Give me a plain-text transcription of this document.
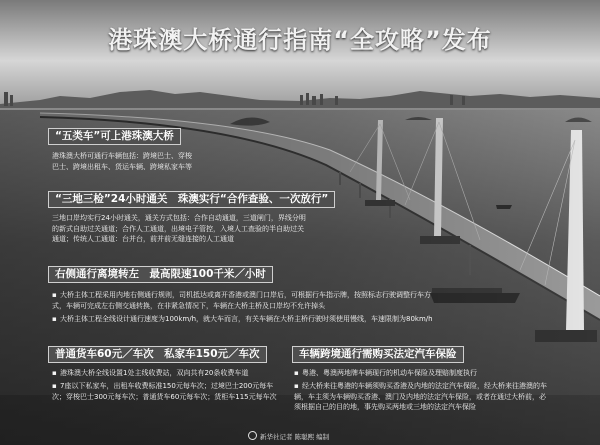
港珠澳大桥通行指南“全攻略”发布
“五类车”可上港珠澳大桥
港珠澳大桥可通行车辆包括：跨境巴士、穿梭
巴士、跨境出租车、货运车辆、跨境私家车等
“三地三检”24小时通关　珠澳实行“合作查验、一次放行”
三地口岸均实行24小时通关，通关方式包括：合作自动通道，三道闸门，界线分明
的新式自助过关通道；合作人工通道，出境电子管控，入境人工查验的半自助过关
通道；传统人工通道：台并台，前并前无缝连接的人工通道
右侧通行离境转左　最高限速100千米／小时
▪ 大桥主体工程采用内地右侧通行规则，司机抵达或离开香港或澳门口岸后，可根据行车指示牌，按照标志行驶调整行车方
式，车辆可完成左右侧交通转换，在非紧急情况下，车辆在大桥主桥及口岸均不允许掉头
▪ 大桥主体工程全线设计通行速度为100km/h，就大车而言，有关车辆在大桥主桥行驶时须使用慢线，车速限制为80km/h
普通货车60元／车次　私家车150元／车次
▪ 港珠澳大桥全线设置1处主线收费站，双向共有20条收费车道
▪ 7座以下私家车，出租车收费标准150元每车次；过境巴士200元每车
次；穿梭巴士300元每车次；普通货车60元每车次；货柜车115元每车次
车辆跨境通行需购买法定汽车保险
▪ 粤港、粤澳两地牌车辆现行的机动车保险及理赔制度执行
▪ 经大桥来往粤港的车辆须购买香港及内地的法定汽车保险，经大桥来往港澳的车
辆，车主须为车辆购买香港、澳门及内地的法定汽车保险，或者在通过大桥前，必
须根据自己的目的地，事先购买两地或三地的法定汽车保险
新华社记者 陈聪熙 编制
